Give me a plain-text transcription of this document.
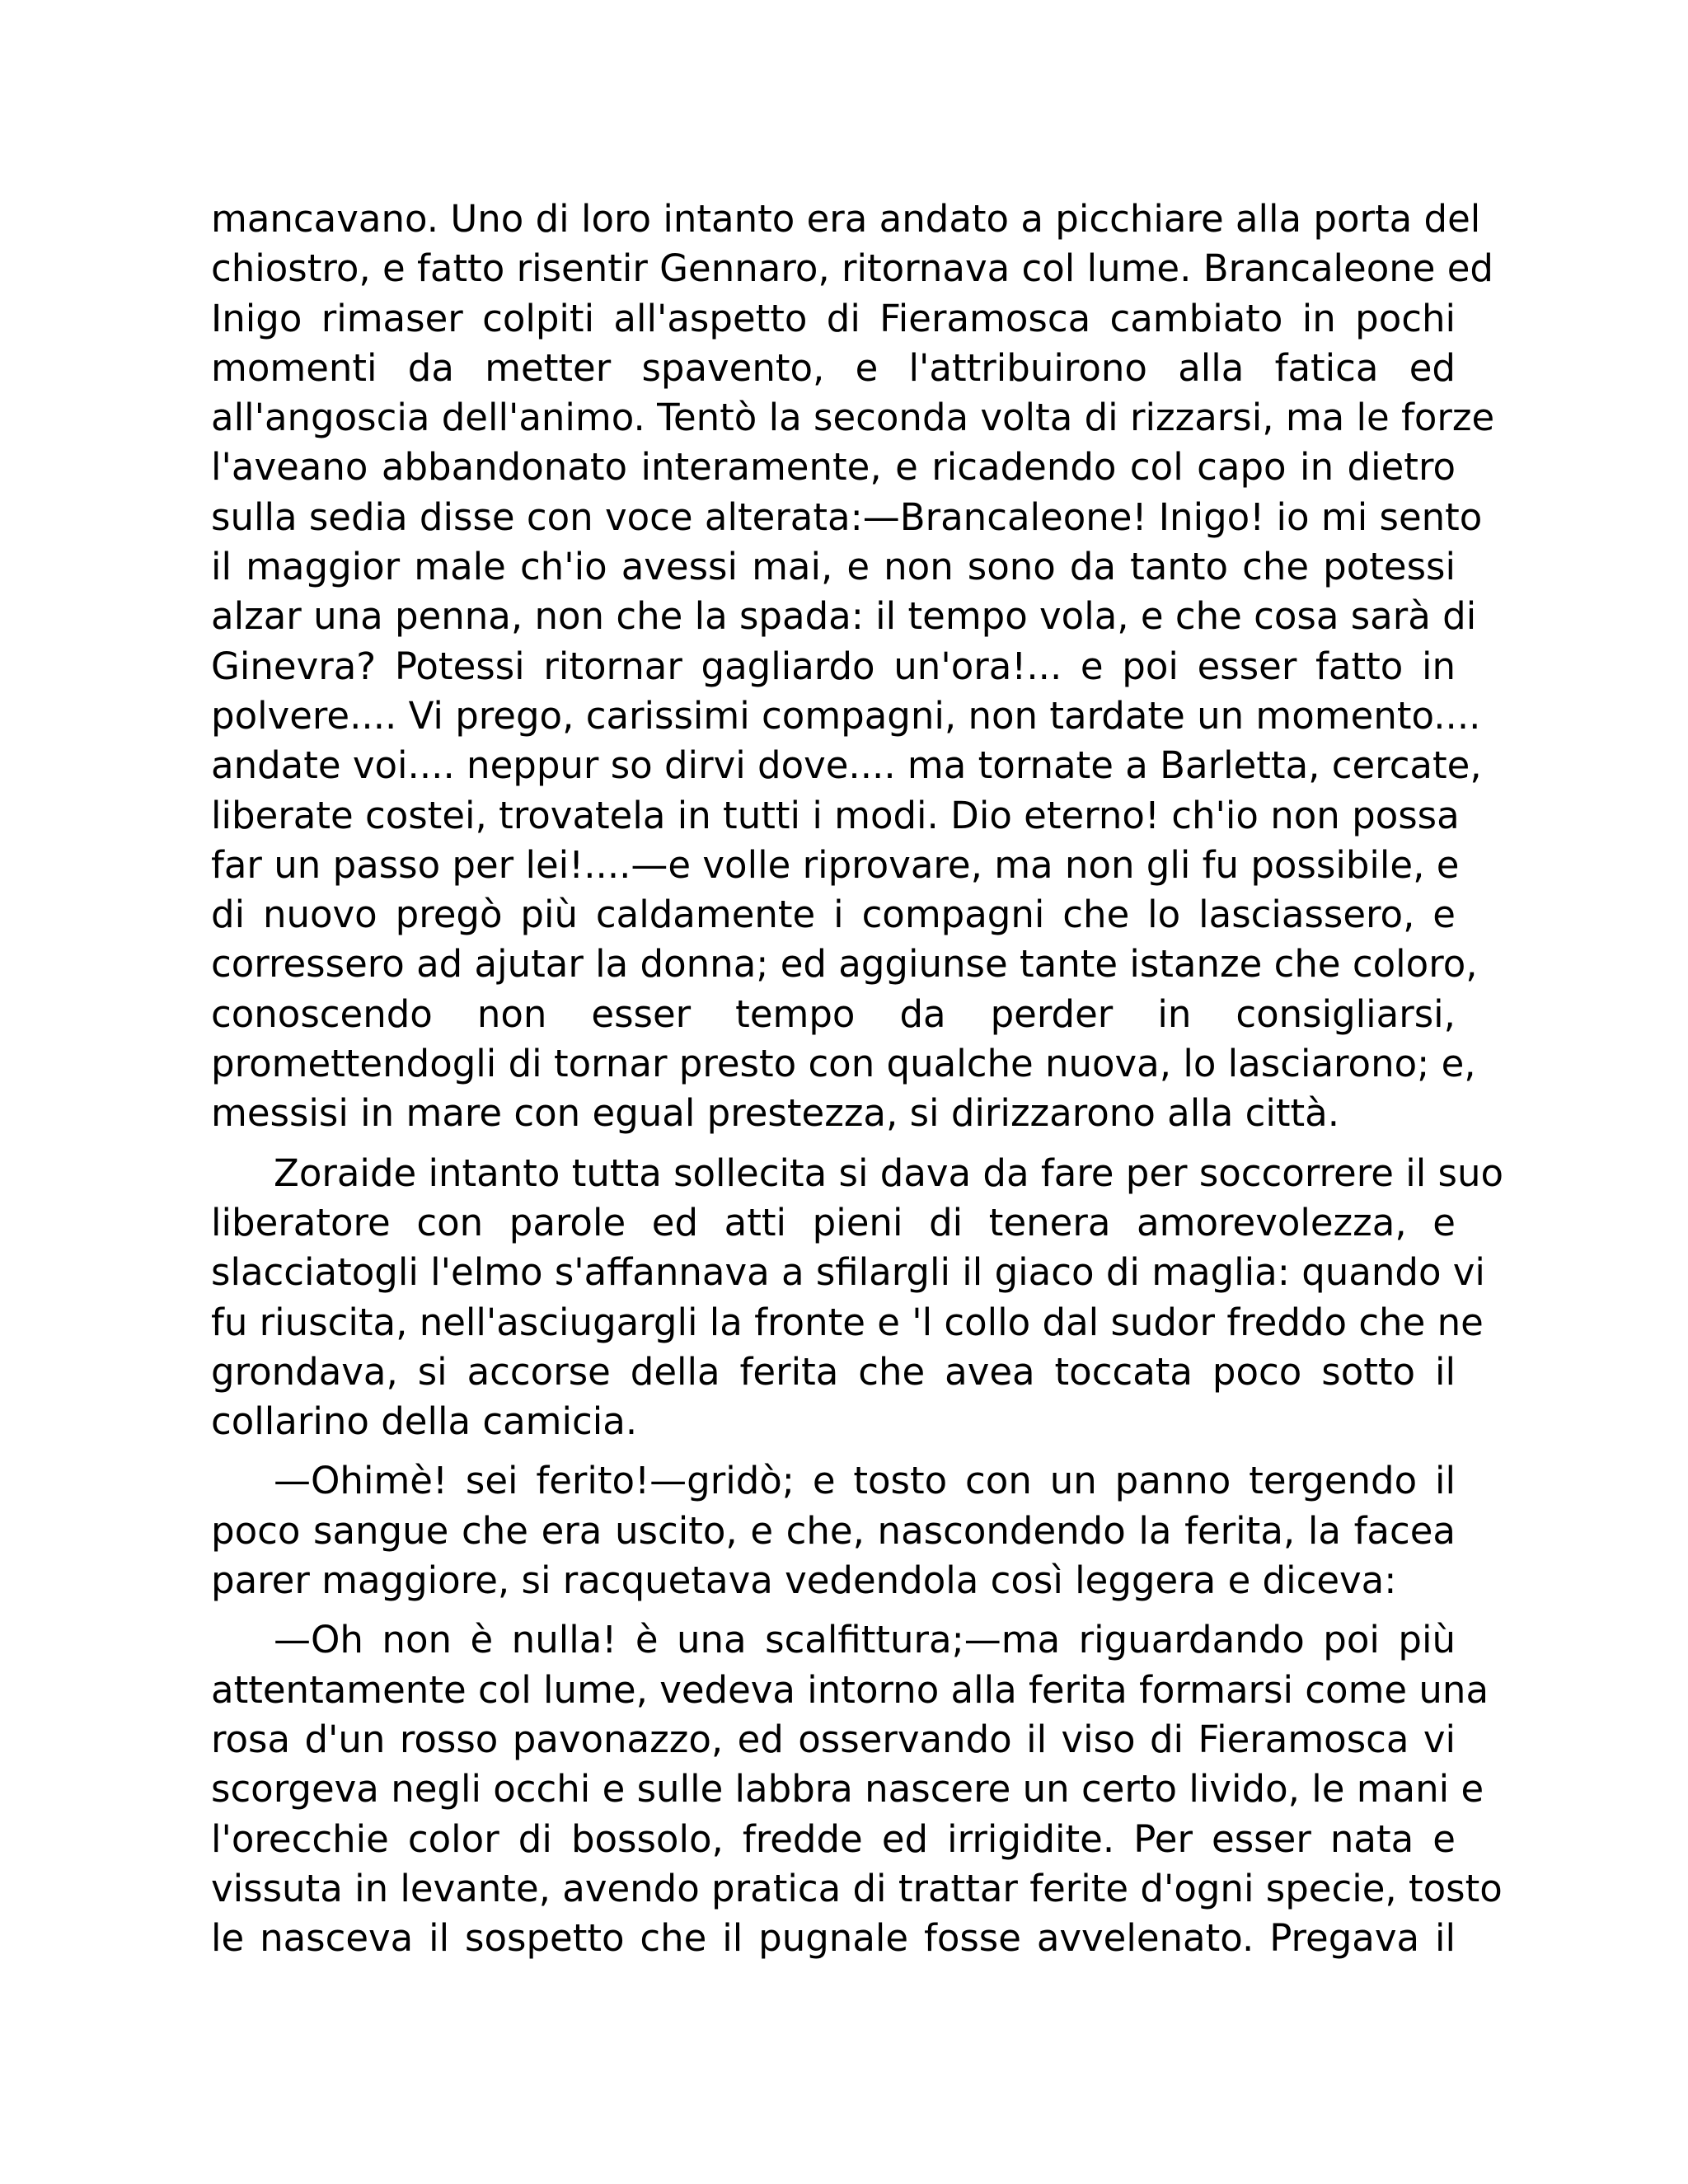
mancavano. Uno di loro intanto era andato a picchiare alla porta del
chiostro, e fatto risentir Gennaro, ritornava col lume. Brancaleone ed
Inigo rimaser colpiti all'aspetto di Fieramosca cambiato in pochi
momenti da metter spavento, e l'attribuirono alla fatica ed
all'angoscia dell'animo. Tentò la seconda volta di rizzarsi, ma le forze
l'aveano abbandonato interamente, e ricadendo col capo in dietro
sulla sedia disse con voce alterata:—Brancaleone! Inigo! io mi sento
il maggior male ch'io avessi mai, e non sono da tanto che potessi
alzar una penna, non che la spada: il tempo vola, e che cosa sarà di
Ginevra? Potessi ritornar gagliardo un'ora!... e poi esser fatto in
polvere.... Vi prego, carissimi compagni, non tardate un momento....
andate voi.... neppur so dirvi dove.... ma tornate a Barletta, cercate,
liberate costei, trovatela in tutti i modi. Dio eterno! ch'io non possa
far un passo per lei!....—e volle riprovare, ma non gli fu possibile, e
di nuovo pregò più caldamente i compagni che lo lasciassero, e
corressero ad ajutar la donna; ed aggiunse tante istanze che coloro,
conoscendo non esser tempo da perder in consigliarsi,
promettendogli di tornar presto con qualche nuova, lo lasciarono; e,
messisi in mare con egual prestezza, si dirizzarono alla città.

Zoraide intanto tutta sollecita si dava da fare per soccorrere il suo
liberatore con parole ed atti pieni di tenera amorevolezza, e
slacciatogli l'elmo s'affannava a sfilargli il giaco di maglia: quando vi
fu riuscita, nell'asciugargli la fronte e 'l collo dal sudor freddo che ne
grondava, si accorse della ferita che avea toccata poco sotto il
collarino della camicia.

—Ohimè! sei ferito!—gridò; e tosto con un panno tergendo il
poco sangue che era uscito, e che, nascondendo la ferita, la facea
parer maggiore, si racquetava vedendola così leggera e diceva:

—Oh non è nulla! è una scalfittura;—ma riguardando poi più
attentamente col lume, vedeva intorno alla ferita formarsi come una
rosa d'un rosso pavonazzo, ed osservando il viso di Fieramosca vi
scorgeva negli occhi e sulle labbra nascere un certo livido, le mani e
l'orecchie color di bossolo, fredde ed irrigidite. Per esser nata e
vissuta in levante, avendo pratica di trattar ferite d'ogni specie, tosto
le nasceva il sospetto che il pugnale fosse avvelenato. Pregava il
